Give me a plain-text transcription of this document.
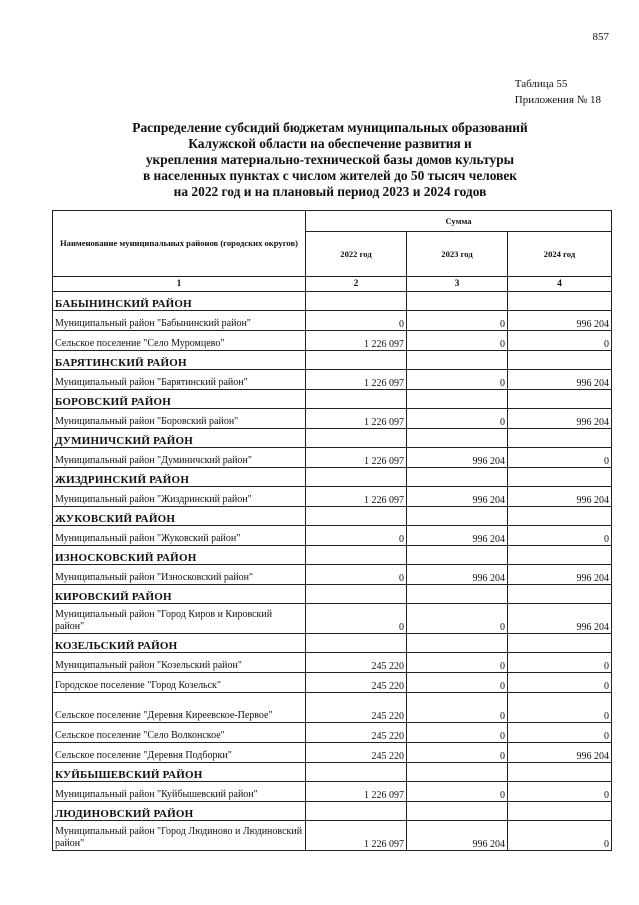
857
Таблица 55
Приложения № 18
Распределение субсидий бюджетам муниципальных образований
Калужской области на обеспечение развития и
укрепления материально-технической базы домов культуры
в населенных пунктах с числом жителей до 50 тысяч человек
на 2022 год и на плановый период 2023 и 2024 годов
Наименование муниципальных районов (городских округов)	Сумма		
	2022 год	2023 год	2024 год
1	2	3	4
БАБЫНИНСКИЙ РАЙОН			
Муниципальный район "Бабынинский район"	0	0	996 204
Сельское поселение "Село Муромцево"	1 226 097	0	0
БАРЯТИНСКИЙ РАЙОН			
Муниципальный район "Барятинский район"	1 226 097	0	996 204
БОРОВСКИЙ РАЙОН			
Муниципальный район "Боровский район"	1 226 097	0	996 204
ДУМИНИЧСКИЙ РАЙОН			
Муниципальный район "Думиничский район"	1 226 097	996 204	0
ЖИЗДРИНСКИЙ РАЙОН			
Муниципальный район "Жиздринский район"	1 226 097	996 204	996 204
ЖУКОВСКИЙ РАЙОН			
Муниципальный район "Жуковский район"	0	996 204	0
ИЗНОСКОВСКИЙ РАЙОН			
Муниципальный район "Износковский район"	0	996 204	996 204
КИРОВСКИЙ РАЙОН			
Муниципальный район "Город Киров и Кировский район"	0	0	996 204
КОЗЕЛЬСКИЙ РАЙОН			
Муниципальный район "Козельский район"	245 220	0	0
Городское поселение "Город Козельск"	245 220	0	0
Сельское поселение "Деревня Киреевское-Первое"	245 220	0	0
Сельское поселение "Село Волконское"	245 220	0	0
Сельское поселение "Деревня Подборки"	245 220	0	996 204
КУЙБЫШЕВСКИЙ РАЙОН			
Муниципальный район "Куйбышевский район"	1 226 097	0	0
ЛЮДИНОВСКИЙ РАЙОН			
Муниципальный район "Город Людиново и Людиновский район"	1 226 097	996 204	0
